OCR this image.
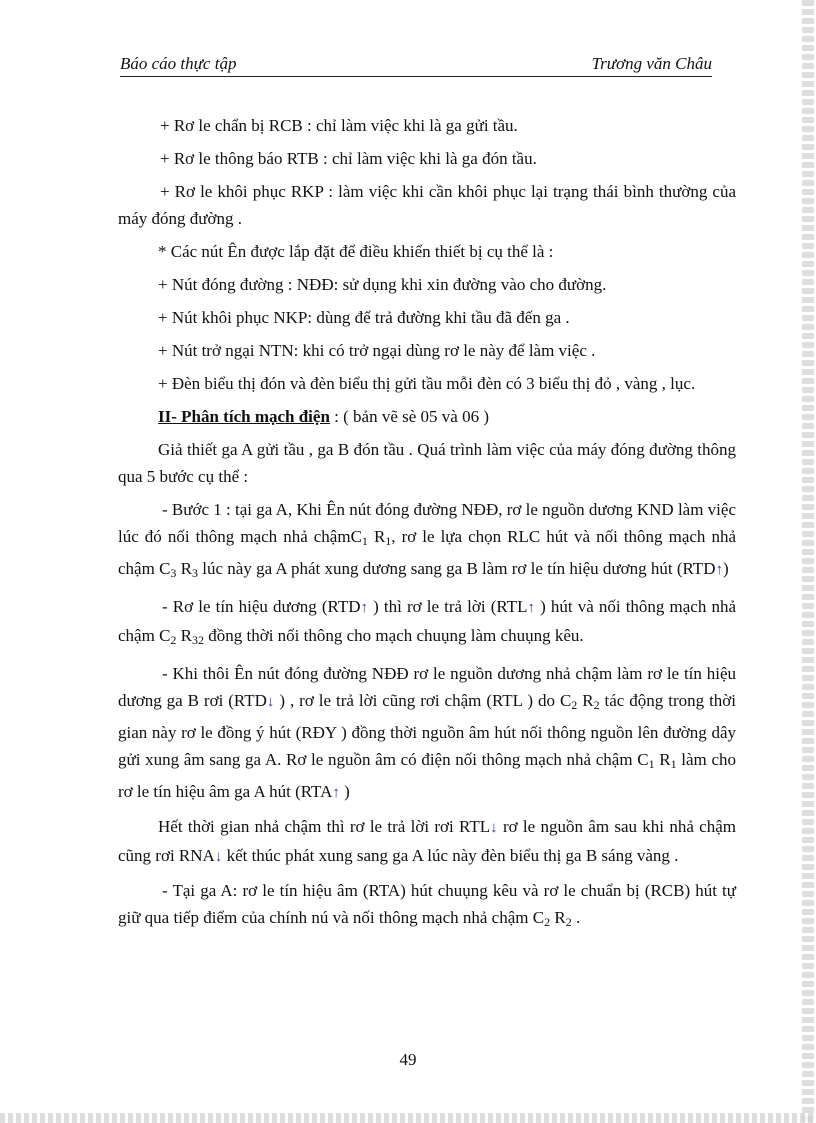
Báo cáo thực tập	Trương văn Châu

+ Rơ le chẩn bị RCB : chỉ làm việc khi là ga gửi tầu.

+ Rơ le thông báo RTB : chỉ làm việc khi là ga đón tầu.

+ Rơ le khôi phục RKP : làm việc khi cần khôi phục lại trạng thái bình thường của máy đóng đường .

* Các nút Ên được lắp đặt để điều khiển thiết bị cụ thể là :

+ Nút đóng đường : NĐĐ: sử dụng khi xin đường vào cho đường.

+ Nút khôi phục NKP: dùng để trả đường khi tầu đã đến ga .

+ Nút trở ngại NTN: khi có trở ngại dùng rơ le này để làm việc .

+ Đèn biểu thị đón và đèn biểu thị gửi tầu mỗi đèn có 3 biểu thị đỏ , vàng , lục.

II- Phân tích mạch điện : ( bản vẽ sè 05 và 06 )

Giả thiết ga A gửi tầu , ga B đón tầu . Quá trình làm việc của máy đóng đường thông qua 5 bước cụ thể :

- Bước 1 : tại ga A, Khi Ên nút đóng đường NĐĐ, rơ le nguồn dương KND làm việc lúc đó nối thông mạch nhả chậmC$_1$ $R_1$, rơ le lựa chọn RLC hút và nối thông mạch nhả chậm $C_3$ $R_3$ lúc này ga A phát xung dương sang ga B làm rơ le tín hiệu dương hút (RTD↑)

- Rơ le tín hiệu dương (RTD↑ ) thì rơ le trả lời (RTL↑ ) hút và nối thông mạch nhả chậm $C_2$ $R_{32}$ đồng thời nối thông cho mạch chuụng làm chuụng kêu.

- Khi thôi Ên nút đóng đường NĐĐ rơ le nguồn dương nhả chậm làm rơ le tín hiệu dương ga B rơi (RTD↓ ) , rơ le trả lời cũng rơi chậm (RTL ) do $C_2$ $R_2$ tác động trong thời gian này rơ le đồng ý hút (RĐY ) đồng thời nguồn âm hút nối thông nguồn lên đường dây gửi xung âm sang ga A. Rơ le nguồn âm có điện nối thông mạch nhả chậm $C_1$ $R_1$ làm cho rơ le tín hiệu âm ga A hút (RTA↑ )

Hết thời gian nhả chậm thì rơ le trả lời rơi RTL↓ rơ le nguồn âm sau khi nhả chậm cũng rơi RNA↓ kết thúc phát xung sang ga A lúc này đèn biểu thị ga B sáng vàng .

- Tại ga A: rơ le tín hiệu âm (RTA) hút chuụng kêu và rơ le chuẩn bị (RCB) hút tự giữ qua tiếp điểm của chính nú và nối thông mạch nhả chậm $C_2$ $R_2$ .

49
